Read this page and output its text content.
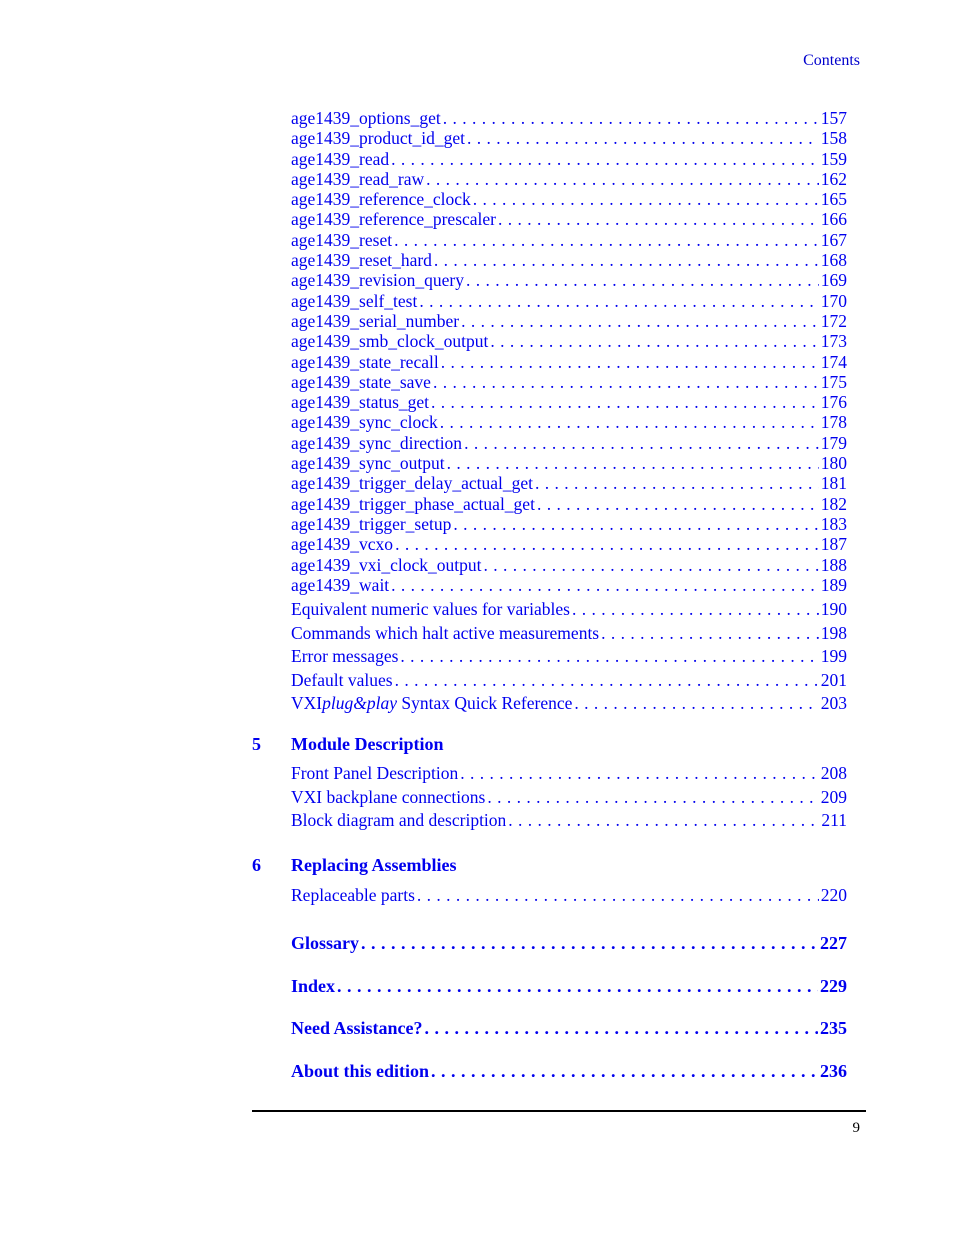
Contents
age1439_options_get . . .	157
age1439_product_id_get . . .	158
age1439_read . . .	159
age1439_read_raw . . .	162
age1439_reference_clock . . .	165
age1439_reference_prescaler . . .	166
age1439_reset . . .	167
age1439_reset_hard . . .	168
age1439_revision_query . . .	169
age1439_self_test . . .	170
age1439_serial_number . . .	172
age1439_smb_clock_output . . .	173
age1439_state_recall . . .	174
age1439_state_save . . .	175
age1439_status_get . . .	176
age1439_sync_clock . . .	178
age1439_sync_direction . . .	179
age1439_sync_output . . .	180
age1439_trigger_delay_actual_get . . .	181
age1439_trigger_phase_actual_get . . .	182
age1439_trigger_setup . . .	183
age1439_vcxo . . .	187
age1439_vxi_clock_output . . .	188
age1439_wait . . .	189
Equivalent numeric values for variables . . .	190
Commands which halt active measurements . . .	198
Error messages . . .	199
Default values . . .	201
VXIplug&play Syntax Quick Reference . . .	203
5	Module Description
Front Panel Description . . .	208
VXI backplane connections . . .	209
Block diagram and description . . .	211
6	Replacing Assemblies
Replaceable parts . . .	220
Glossary . . .	227
Index . . .	229
Need Assistance? . . .	235
About this edition . . .	236
9
